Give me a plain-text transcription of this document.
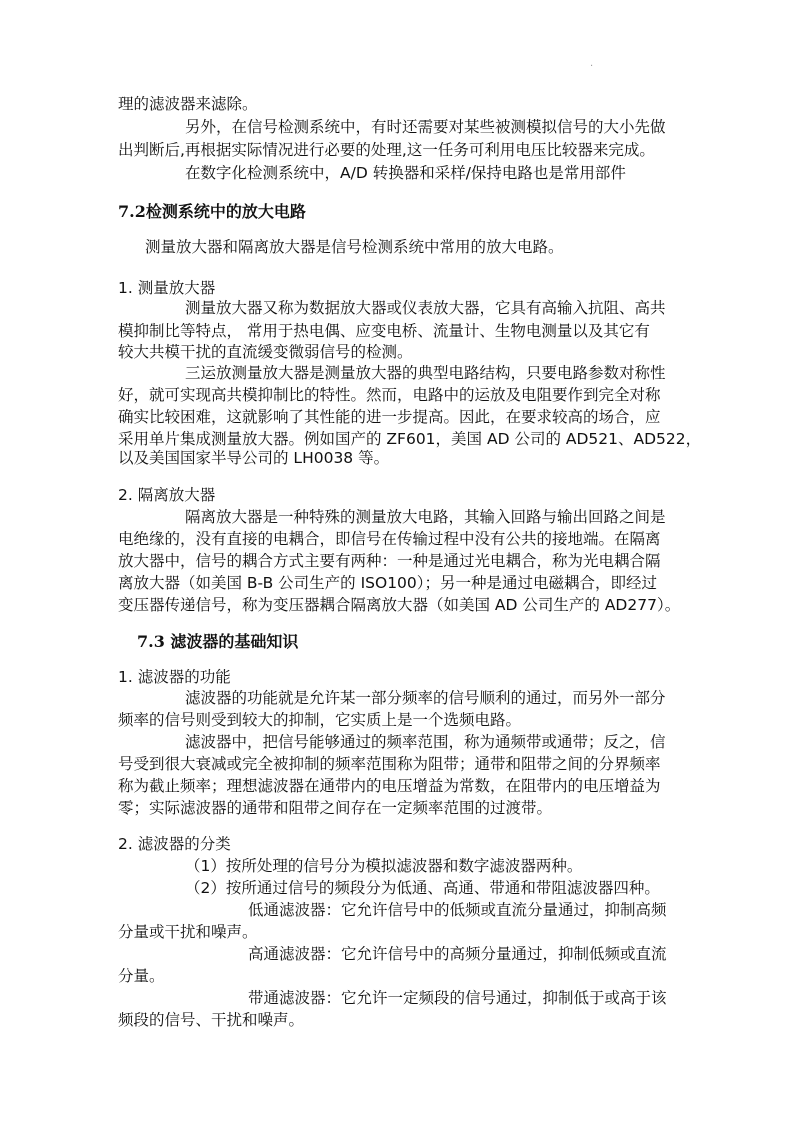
.
理的滤波器来滤除。
另外，在信号检测系统中，有时还需要对某些被测模拟信号的大小先做
出判断后,再根据实际情况进行必要的处理,这一任务可利用电压比较器来完成。
在数字化检测系统中，A/D 转换器和采样/保持电路也是常用部件
7.2检测系统中的放大电路
测量放大器和隔离放大器是信号检测系统中常用的放大电路。
1. 测量放大器
测量放大器又称为数据放大器或仪表放大器，它具有高输入抗阻、高共
模抑制比等特点， 常用于热电偶、应变电桥、流量计、生物电测量以及其它有
较大共模干扰的直流缓变微弱信号的检测。
三运放测量放大器是测量放大器的典型电路结构，只要电路参数对称性
好，就可实现高共模抑制比的特性。然而，电路中的运放及电阻要作到完全对称
确实比较困难，这就影响了其性能的进一步提高。因此，在要求较高的场合，应
采用单片集成测量放大器。例如国产的 ZF601，美国 AD 公司的 AD521、AD522，
以及美国国家半导公司的 LH0038 等。
2. 隔离放大器
隔离放大器是一种特殊的测量放大电路，其输入回路与输出回路之间是
电绝缘的，没有直接的电耦合，即信号在传输过程中没有公共的接地端。在隔离
放大器中，信号的耦合方式主要有两种：一种是通过光电耦合，称为光电耦合隔
离放大器（如美国 B-B 公司生产的 ISO100）；另一种是通过电磁耦合，即经过
变压器传递信号，称为变压器耦合隔离放大器（如美国 AD 公司生产的 AD277）。
7.3 滤波器的基础知识
1. 滤波器的功能
滤波器的功能就是允许某一部分频率的信号顺利的通过，而另外一部分
频率的信号则受到较大的抑制，它实质上是一个选频电路。
滤波器中，把信号能够通过的频率范围，称为通频带或通带；反之，信
号受到很大衰减或完全被抑制的频率范围称为阻带；通带和阻带之间的分界频率
称为截止频率；理想滤波器在通带内的电压增益为常数，在阻带内的电压增益为
零；实际滤波器的通带和阻带之间存在一定频率范围的过渡带。
2. 滤波器的分类
（1）按所处理的信号分为模拟滤波器和数字滤波器两种。
（2）按所通过信号的频段分为低通、高通、带通和带阻滤波器四种。
低通滤波器：它允许信号中的低频或直流分量通过，抑制高频
分量或干扰和噪声。
高通滤波器：它允许信号中的高频分量通过，抑制低频或直流
分量。
带通滤波器：它允许一定频段的信号通过，抑制低于或高于该
频段的信号、干扰和噪声。
